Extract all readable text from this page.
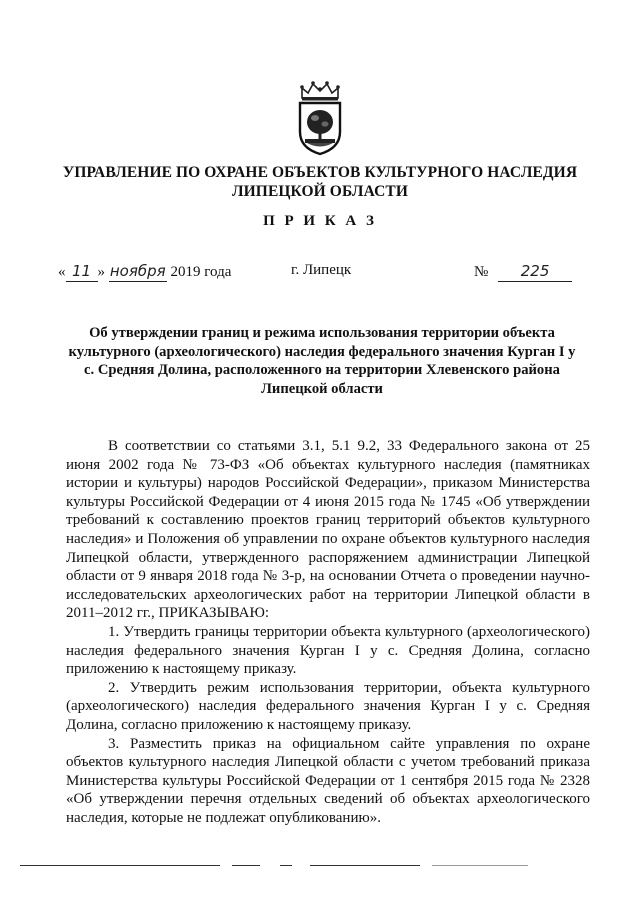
УПРАВЛЕНИЕ ПО ОХРАНЕ ОБЪЕКТОВ КУЛЬТУРНОГО НАСЛЕДИЯ
ЛИПЕЦКОЙ ОБЛАСТИ
П Р И К А З
« 11 » ноября 2019 года	г. Липецк	№ 225
Об утверждении границ и режима использования территории объекта
культурного (археологического) наследия федерального значения Курган I у
с. Средняя Долина, расположенного на территории Хлевенского района
Липецкой области

В соответствии со статьями 3.1, 5.1 9.2, 33 Федерального закона от 25 июня 2002 года № 73-ФЗ «Об объектах культурного наследия (памятниках истории и культуры) народов Российской Федерации», приказом Министерства культуры Российской Федерации от 4 июня 2015 года № 1745 «Об утверждении требований к составлению проектов границ территорий объектов культурного наследия» и Положения об управлении по охране объектов культурного наследия Липецкой области, утвержденного распоряжением администрации Липецкой области от 9 января 2018 года № 3-р, на основании Отчета о проведении научно-исследовательских археологических работ на территории Липецкой области в 2011–2012 гг., ПРИКАЗЫВАЮ:

1. Утвердить границы территории объекта культурного (археологического) наследия федерального значения Курган I у с. Средняя Долина, согласно приложению к настоящему приказу.

2. Утвердить режим использования территории, объекта культурного (археологического) наследия федерального значения Курган I у с. Средняя Долина, согласно приложению к настоящему приказу.

3. Разместить приказ на официальном сайте управления по охране объектов культурного наследия Липецкой области с учетом требований приказа Министерства культуры Российской Федерации от 1 сентября 2015 года № 2328 «Об утверждении перечня отдельных сведений об объектах археологического наследия, которые не подлежат опубликованию».
